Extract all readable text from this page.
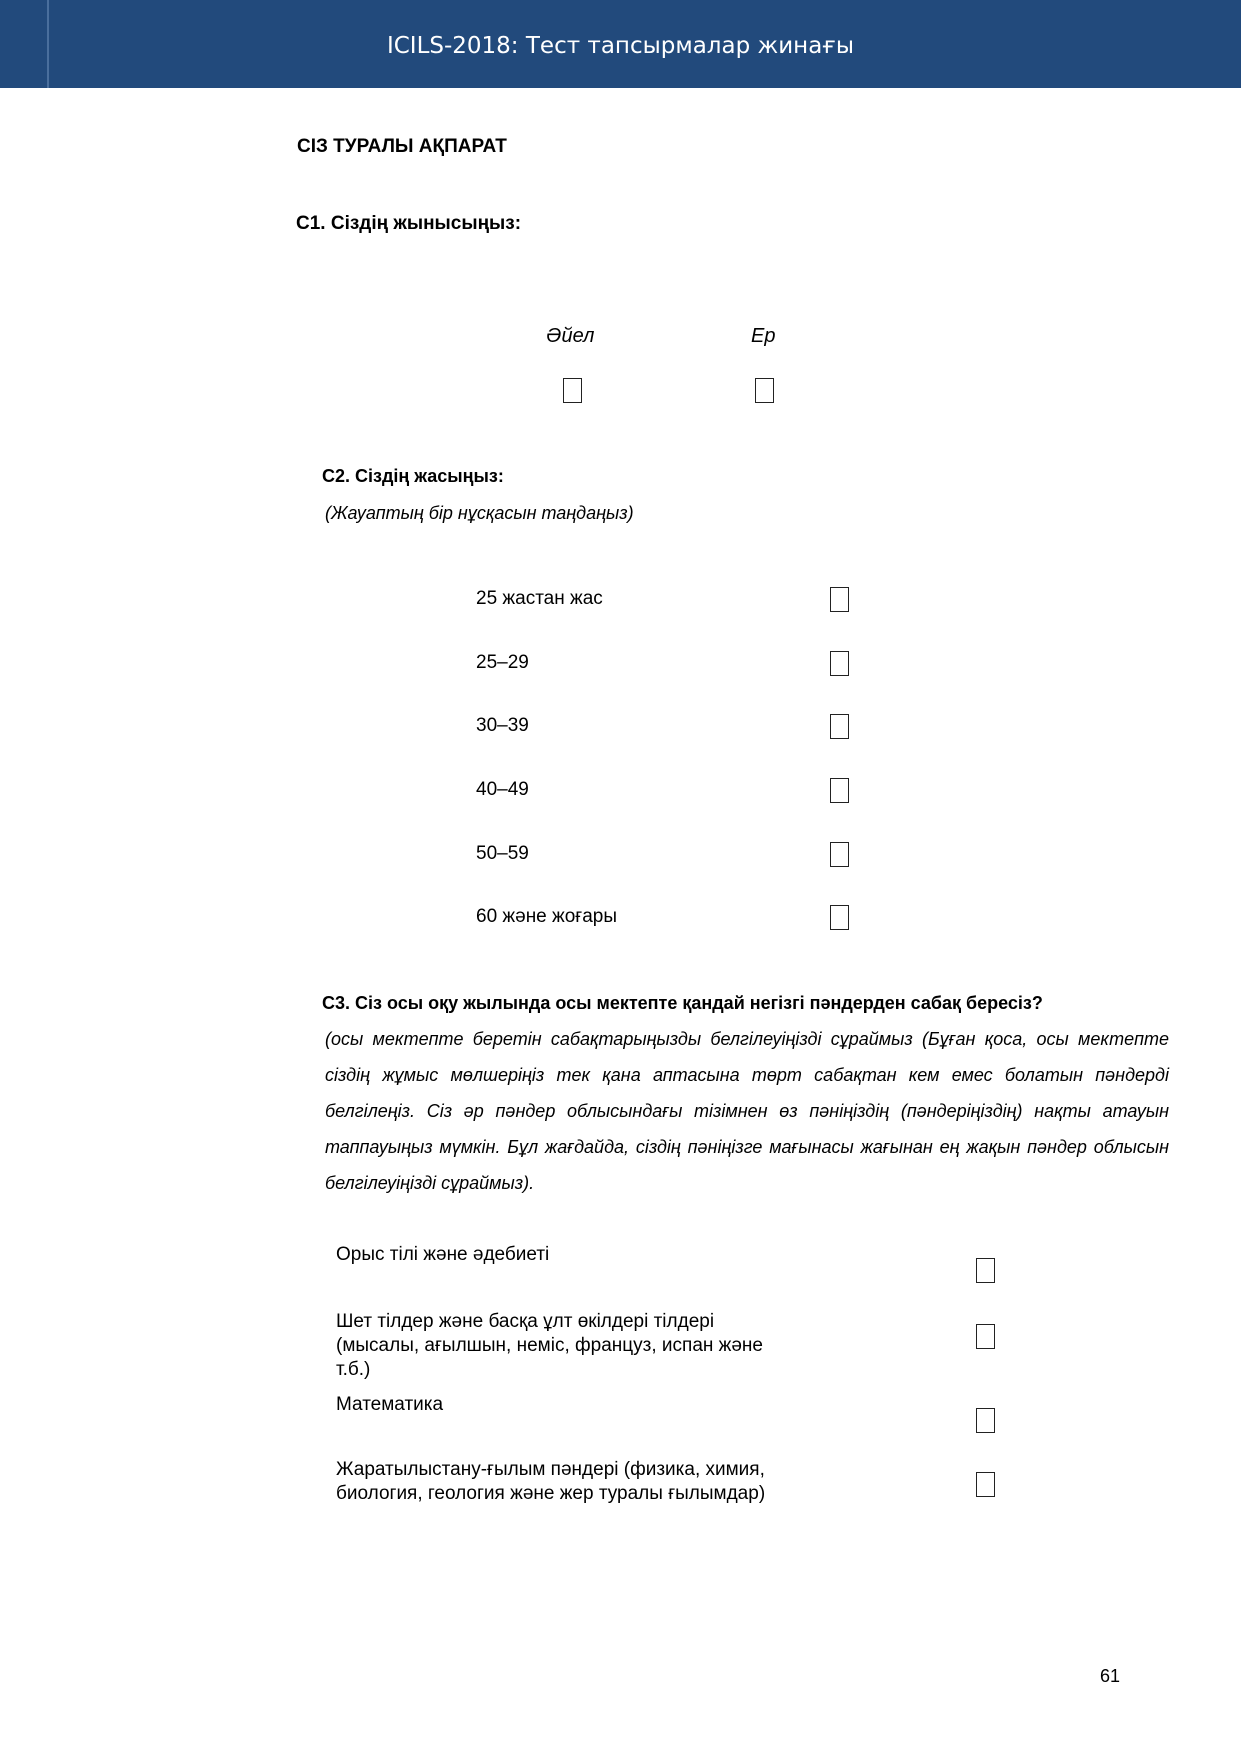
ICILS-2018: Тест тапсырмалар жинағы
СІЗ ТУРАЛЫ АҚПАРАТ
С1. Сіздің жынысыңыз:
Әйел	Ер
С2. Сіздің жасыңыз:
(Жауаптың бір нұсқасын таңдаңыз)
25 жастан жас
25–29
30–39
40–49
50–59
60 және жоғары
С3. Сіз осы оқу жылында осы мектепте қандай негізгі пәндерден сабақ бересіз?
(осы мектепте беретін сабақтарыңызды белгілеуіңізді сұраймыз (Бұған қоса, осы мектепте сіздің жұмыс мөлшеріңіз тек қана аптасына төрт сабақтан кем емес болатын пәндерді белгілеңіз. Сіз әр пәндер облысындағы тізімнен өз пәніңіздің (пәндеріңіздің) нақты атауын таппауыңыз мүмкін. Бұл жағдайда, сіздің пәніңізге мағынасы жағынан ең жақын пәндер облысын белгілеуіңізді сұраймыз).
Орыс тілі және әдебиеті
Шет тілдер және басқа ұлт өкілдері тілдері (мысалы, ағылшын, неміс, француз, испан және т.б.)
Математика
Жаратылыстану-ғылым пәндері (физика, химия, биология, геология және жер туралы ғылымдар)
61
